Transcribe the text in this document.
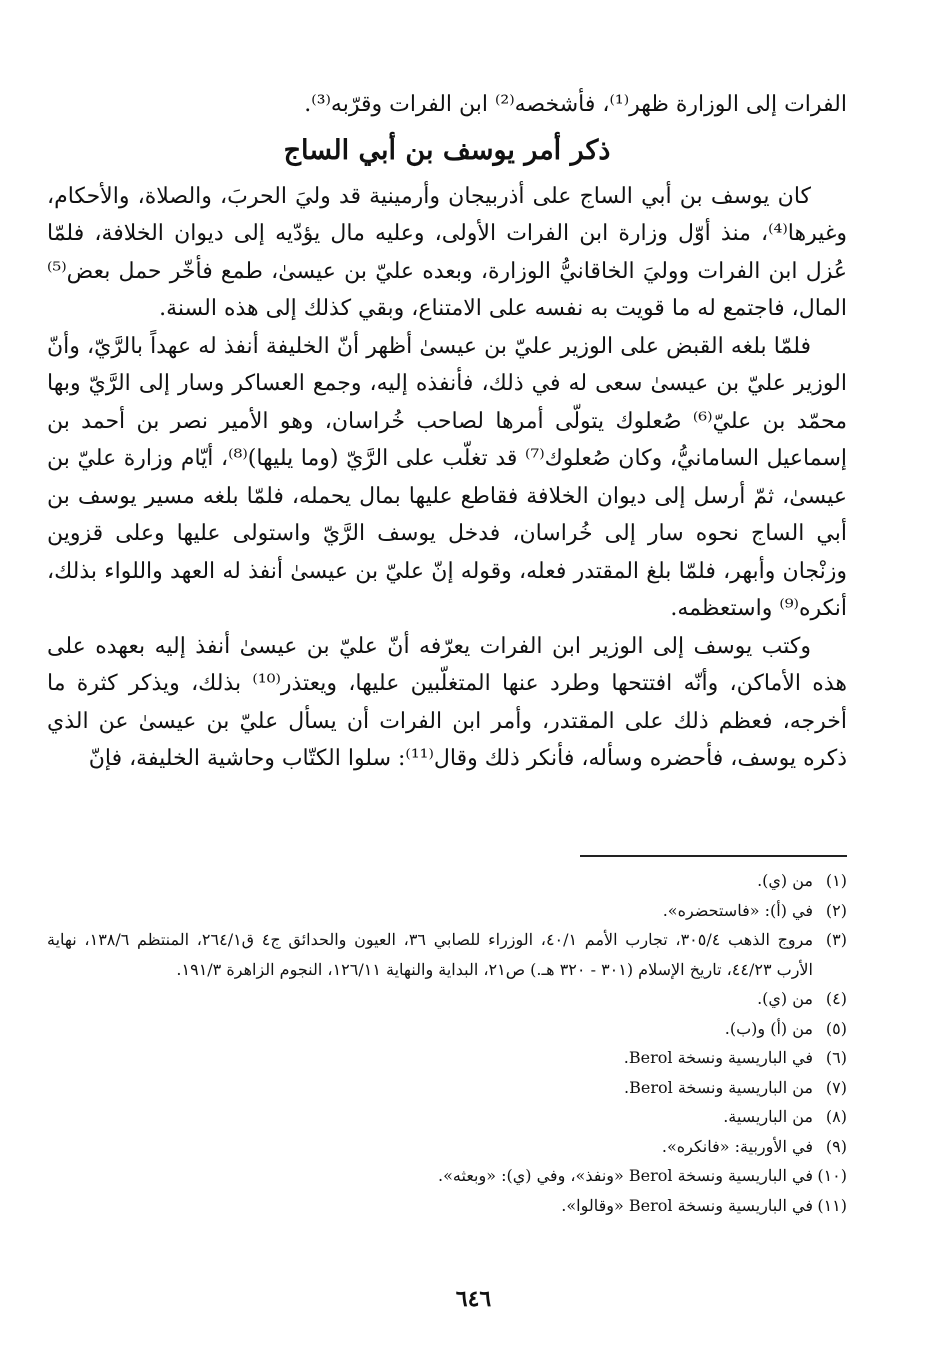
الفرات إلى الوزارة ظهر⁽¹⁾، فأشخصه⁽²⁾ ابن الفرات وقرّبه⁽³⁾.

ذكر أمر يوسف بن أبي الساج

كان يوسف بن أبي الساج على أذربيجان وأرمينية قد وليَ الحربَ، والصلاة، والأحكام، وغيرها⁽⁴⁾، منذ أوّل وزارة ابن الفرات الأولى، وعليه مال يؤدّيه إلى ديوان الخلافة، فلمّا عُزل ابن الفرات ووليَ الخاقانيُّ الوزارة، وبعده عليّ بن عيسىٰ، طمع فأخّر حمل بعض⁽⁵⁾ المال، فاجتمع له ما قويت به نفسه على الامتناع، وبقي كذلك إلى هذه السنة.

فلمّا بلغه القبض على الوزير عليّ بن عيسىٰ أظهر أنّ الخليفة أنفذ له عهداً بالرَّيّ، وأنّ الوزير عليّ بن عيسىٰ سعى له في ذلك، فأنفذه إليه، وجمع العساكر وسار إلى الرَّيّ وبها محمّد بن عليّ⁽⁶⁾ صُعلوك يتولّى أمرها لصاحب خُراسان، وهو الأمير نصر بن أحمد بن إسماعيل السامانيُّ، وكان صُعلوك⁽⁷⁾ قد تغلّب على الرَّيّ (وما يليها)⁽⁸⁾، أيّام وزارة عليّ بن عيسىٰ، ثمّ أرسل إلى ديوان الخلافة فقاطع عليها بمال يحمله، فلمّا بلغه مسير يوسف بن أبي الساج نحوه سار إلى خُراسان، فدخل يوسف الرَّيّ واستولى عليها وعلى قزوين وزنْجان وأبهر، فلمّا بلغ المقتدر فعله، وقوله إنّ عليّ بن عيسىٰ أنفذ له العهد واللواء بذلك، أنكره⁽⁹⁾ واستعظمه.

وكتب يوسف إلى الوزير ابن الفرات يعرّفه أنّ عليّ بن عيسىٰ أنفذ إليه بعهده على هذه الأماكن، وأنّه افتتحها وطرد عنها المتغلّبين عليها، ويعتذر⁽¹⁰⁾ بذلك، ويذكر كثرة ما أخرجه، فعظم ذلك على المقتدر، وأمر ابن الفرات أن يسأل عليّ بن عيسىٰ عن الذي ذكره يوسف، فأحضره وسأله، فأنكر ذلك وقال⁽¹¹⁾: سلوا الكتّاب وحاشية الخليفة، فإنّ

(١)
من (ي).
(٢)
في (أ): «فاستحضره».
(٣)
مروج الذهب ٣٠٥/٤، تجارب الأمم ٤٠/١، الوزراء للصابي ٣٦، العيون والحدائق ج٤ ق٢٦٤/١، المنتظم ١٣٨/٦، نهاية الأرب ٤٤/٢٣، تاريخ الإسلام (٣٠١ - ٣٢٠ هـ.) ص٢١، البداية والنهاية ١٢٦/١١، النجوم الزاهرة ١٩١/٣.
(٤)
من (ي).
(٥)
من (أ) و(ب).
(٦)
في الباريسية ونسخة Berol.
(٧)
من الباريسية ونسخة Berol.
(٨)
من الباريسية.
(٩)
في الأوربية: «فانكره».
(١٠)
في الباريسية ونسخة Berol «ونفذ»، وفي (ي): «وبعثه».
(١١)
في الباريسية ونسخة Berol «وقالوا».
٦٤٦
